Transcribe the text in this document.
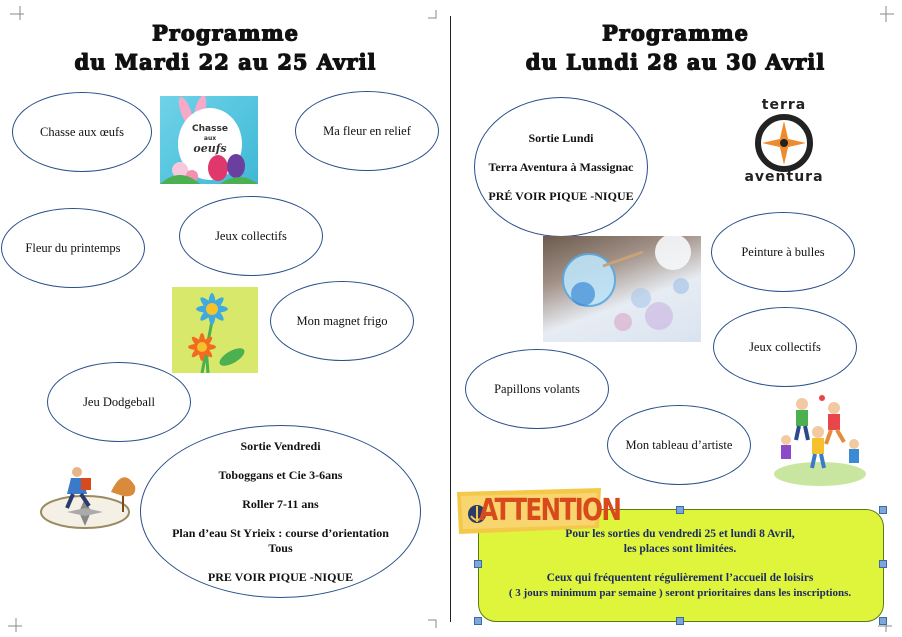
Programme
du Mardi 22 au 25 Avril
Chasse aux œufs	Chasse
aux
oeufs
Ma fleur en relief
Fleur du printemps
Jeux collectifs
Mon magnet frigo
Jeu Dodgeball
Sortie Vendredi
Toboggans et Cie 3-6ans
Roller 7-11 ans
Plan d’eau St Yrieix : course d’orientation
Tous
PRE VOIR PIQUE -NIQUE
Programme
du Lundi 28 au 30 Avril
Sortie Lundi
Terra Aventura à Massignac
PRÉ VOIR PIQUE -NIQUE
terra
aventura
Peinture à bulles
Jeux collectifs
Papillons volants
Mon tableau d’artiste
ATTENTION
Pour les sorties du vendredi 25 et lundi 8 Avril,
les places sont limitées.
Ceux qui fréquentent régulièrement l’accueil de loisirs
( 3 jours minimum par semaine ) seront prioritaires dans les inscriptions.
